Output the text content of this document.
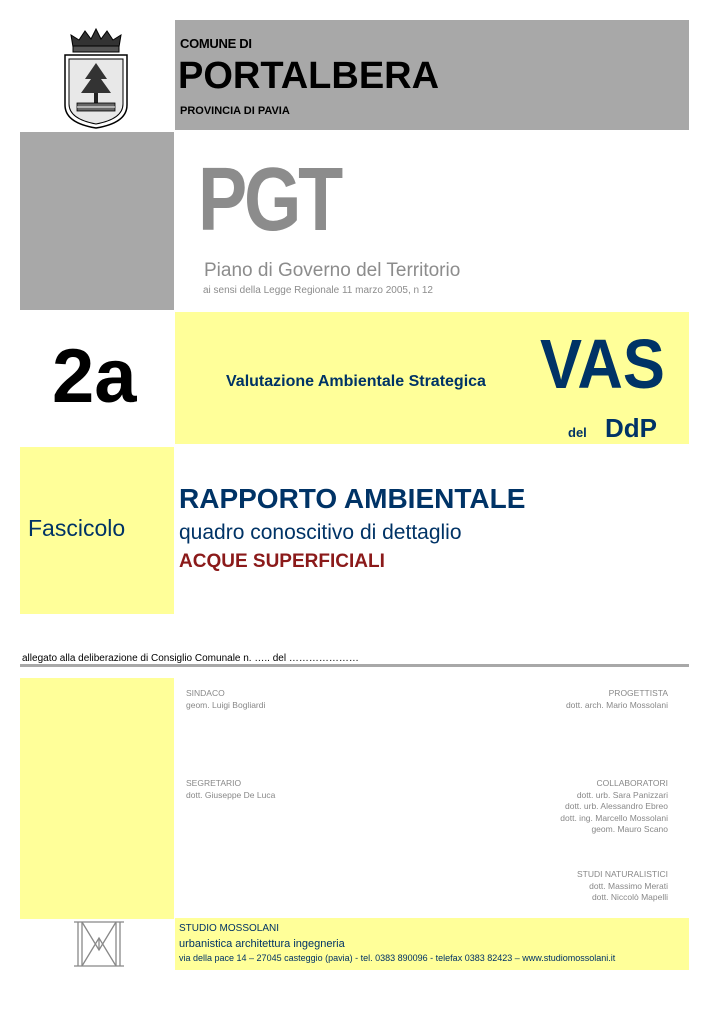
COMUNE DI
PORTALBERA
PROVINCIA DI PAVIA
PGT
Piano di Governo del Territorio
ai sensi della Legge Regionale 11 marzo 2005, n 12
2a	Valutazione Ambientale Strategica VAS
del DdP
Fascicolo
RAPPORTO AMBIENTALE
quadro conoscitivo di dettaglio
ACQUE SUPERFICIALI
allegato alla deliberazione di Consiglio Comunale n. ….. del …………………
SINDACO
geom. Luigi Bogliardi
PROGETTISTA
dott. arch. Mario Mossolani
SEGRETARIO
dott. Giuseppe De Luca
COLLABORATORI
dott. urb. Sara Panizzari
dott. urb. Alessandro Ebreo
dott. ing. Marcello Mossolani
geom. Mauro Scano
STUDI NATURALISTICI
dott. Massimo Merati
dott. Niccolò Mapelli
STUDIO MOSSOLANI
urbanistica architettura ingegneria
via della pace 14 – 27045 casteggio (pavia) - tel. 0383 890096 - telefax 0383 82423 – www.studiomossolani.it
